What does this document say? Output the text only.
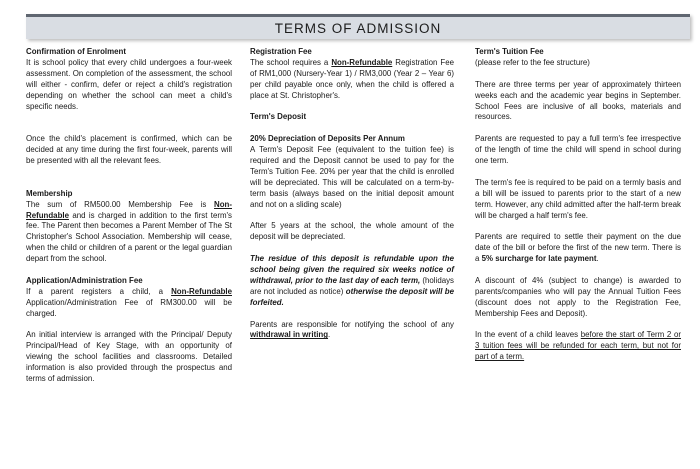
TERMS OF ADMISSION
Confirmation of Enrolment

It is school policy that every child undergoes a four-week assessment. On completion of the assessment, the school will either - confirm, defer or reject a child's registration depending on whether the school can meet a child's specific needs.

Once the child's placement is confirmed, which can be decided at any time during the first four-week, parents will be presented with all the relevant fees.

Membership

The sum of RM500.00 Membership Fee is Non-Refundable and is charged in addition to the first term's fee. The Parent then becomes a Parent Member of The St Christopher's School Association. Membership will cease, when the child or children of a parent or the legal guardian depart from the school.

Application/Administration Fee

If a parent registers a child, a Non-Refundable Application/Administration Fee of RM300.00 will be charged.

An initial interview is arranged with the Principal/ Deputy Principal/Head of Key Stage, with an opportunity of viewing the school facilities and classrooms. Detailed information is also provided through the prospectus and terms of admission.

Registration Fee

The school requires a Non-Refundable Registration Fee of RM1,000 (Nursery-Year 1) / RM3,000 (Year 2 – Year 6) per child payable once only, when the child is offered a place at St. Christopher's.

Term's Deposit
20% Depreciation of Deposits Per Annum

A Term's Deposit Fee (equivalent to the tuition fee) is required and the Deposit cannot be used to pay for the Term's Tuition Fee. 20% per year that the child is enrolled will be depreciated. This will be calculated on a term-by-term basis (always based on the initial deposit amount and not on a sliding scale)

After 5 years at the school, the whole amount of the deposit will be depreciated.

The residue of this deposit is refundable upon the school being given the required six weeks notice of withdrawal, prior to the last day of each term, (holidays are not included as notice) otherwise the deposit will be forfeited.

Parents are responsible for notifying the school of any withdrawal in writing.

Term's Tuition Fee

(please refer to the fee structure)

There are three terms per year of approximately thirteen weeks each and the academic year begins in September. School Fees are inclusive of all books, materials and resources.

Parents are requested to pay a full term's fee irrespective of the length of time the child will spend in school during one term.

The term's fee is required to be paid on a termly basis and a bill will be issued to parents prior to the start of a new term. However, any child admitted after the half-term break will be charged a half term's fee.

Parents are required to settle their payment on the due date of the bill or before the first of the new term. There is a 5% surcharge for late payment.

A discount of 4% (subject to change) is awarded to parents/companies who will pay the Annual Tuition Fees (discount does not apply to the Registration Fee, Membership Fees and Deposit).

In the event of a child leaves before the start of Term 2 or 3 tuition fees will be refunded for each term, but not for part of a term.
